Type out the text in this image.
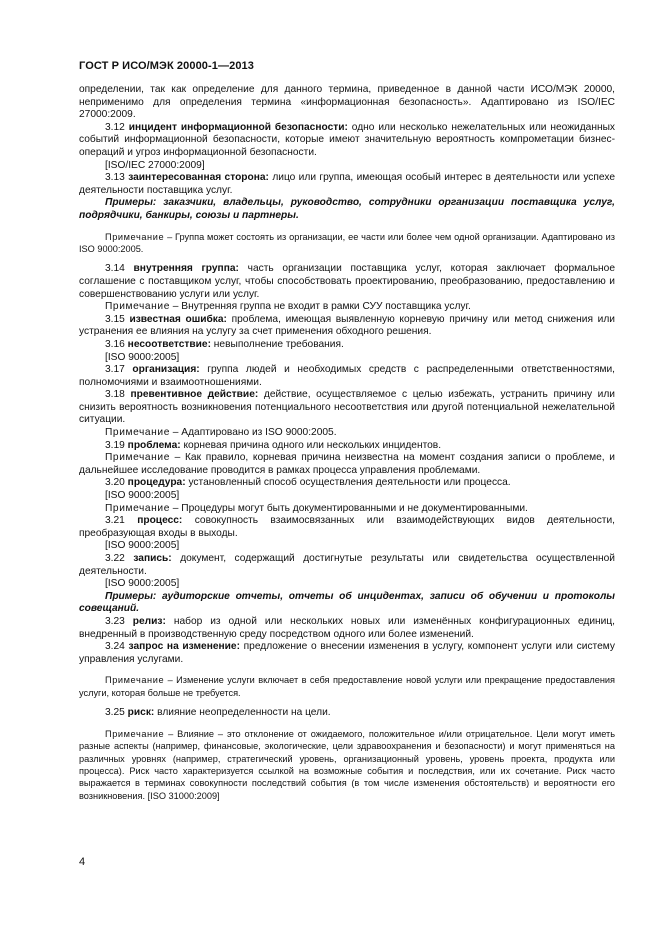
ГОСТ Р ИСО/МЭК 20000-1—2013

определении, так как определение для данного термина, приведенное в данной части ИСО/МЭК 20000, неприменимо для определения термина «информационная безопасность». Адаптировано из ISO/IEC 27000:2009.

3.12 инцидент информационной безопасности: одно или несколько нежелательных или неожиданных событий информационной безопасности, которые имеют значительную вероятность компрометации бизнес-операций и угроз информационной безопасности.

[ISO/IEC 27000:2009]

3.13 заинтересованная сторона: лицо или группа, имеющая особый интерес в деятельности или успехе деятельности поставщика услуг.

Примеры: заказчики, владельцы, руководство, сотрудники организации поставщика услуг, подрядчики, банкиры, союзы и партнеры.

Примечание – Группа может состоять из организации, ее части или более чем одной организации. Адаптировано из ISO 9000:2005.

3.14 внутренняя группа: часть организации поставщика услуг, которая заключает формальное соглашение с поставщиком услуг, чтобы способствовать проектированию, преобразованию, предоставлению и совершенствованию услуги или услуг.

Примечание – Внутренняя группа не входит в рамки СУУ поставщика услуг.

3.15 известная ошибка: проблема, имеющая выявленную корневую причину или метод снижения или устранения ее влияния на услугу за счет применения обходного решения.

3.16 несоответствие: невыполнение требования.

[ISO 9000:2005]

3.17 организация: группа людей и необходимых средств с распределенными ответственностями, полномочиями и взаимоотношениями.

3.18 превентивное действие: действие, осуществляемое с целью избежать, устранить причину или снизить вероятность возникновения потенциального несоответствия или другой потенциальной нежелательной ситуации.

Примечание – Адаптировано из ISO 9000:2005.

3.19 проблема: корневая причина одного или нескольких инцидентов.

Примечание – Как правило, корневая причина неизвестна на момент создания записи о проблеме, и дальнейшее исследование проводится в рамках процесса управления проблемами.

3.20 процедура: установленный способ осуществления деятельности или процесса.

[ISO 9000:2005]

Примечание – Процедуры могут быть документированными и не документированными.

3.21 процесс: совокупность взаимосвязанных или взаимодействующих видов деятельности, преобразующая входы в выходы.

[ISO 9000:2005]

3.22 запись: документ, содержащий достигнутые результаты или свидетельства осуществленной деятельности.

[ISO 9000:2005]

Примеры: аудиторские отчеты, отчеты об инцидентах, записи об обучении и протоколы совещаний.

3.23 релиз: набор из одной или нескольких новых или изменённых конфигурационных единиц, внедренный в производственную среду посредством одного или более изменений.

3.24 запрос на изменение: предложение о внесении изменения в услугу, компонент услуги или систему управления услугами.

Примечание – Изменение услуги включает в себя предоставление новой услуги или прекращение предоставления услуги, которая больше не требуется.

3.25 риск: влияние неопределенности на цели.

Примечание – Влияние – это отклонение от ожидаемого, положительное и/или отрицательное. Цели могут иметь разные аспекты (например, финансовые, экологические, цели здравоохранения и безопасности) и могут применяться на различных уровнях (например, стратегический уровень, организационный уровень, уровень проекта, продукта или процесса). Риск часто характеризуется ссылкой на возможные события и последствия, или их сочетание. Риск часто выражается в терминах совокупности последствий события (в том числе изменения обстоятельств) и вероятности его возникновения. [ISO 31000:2009]

4
